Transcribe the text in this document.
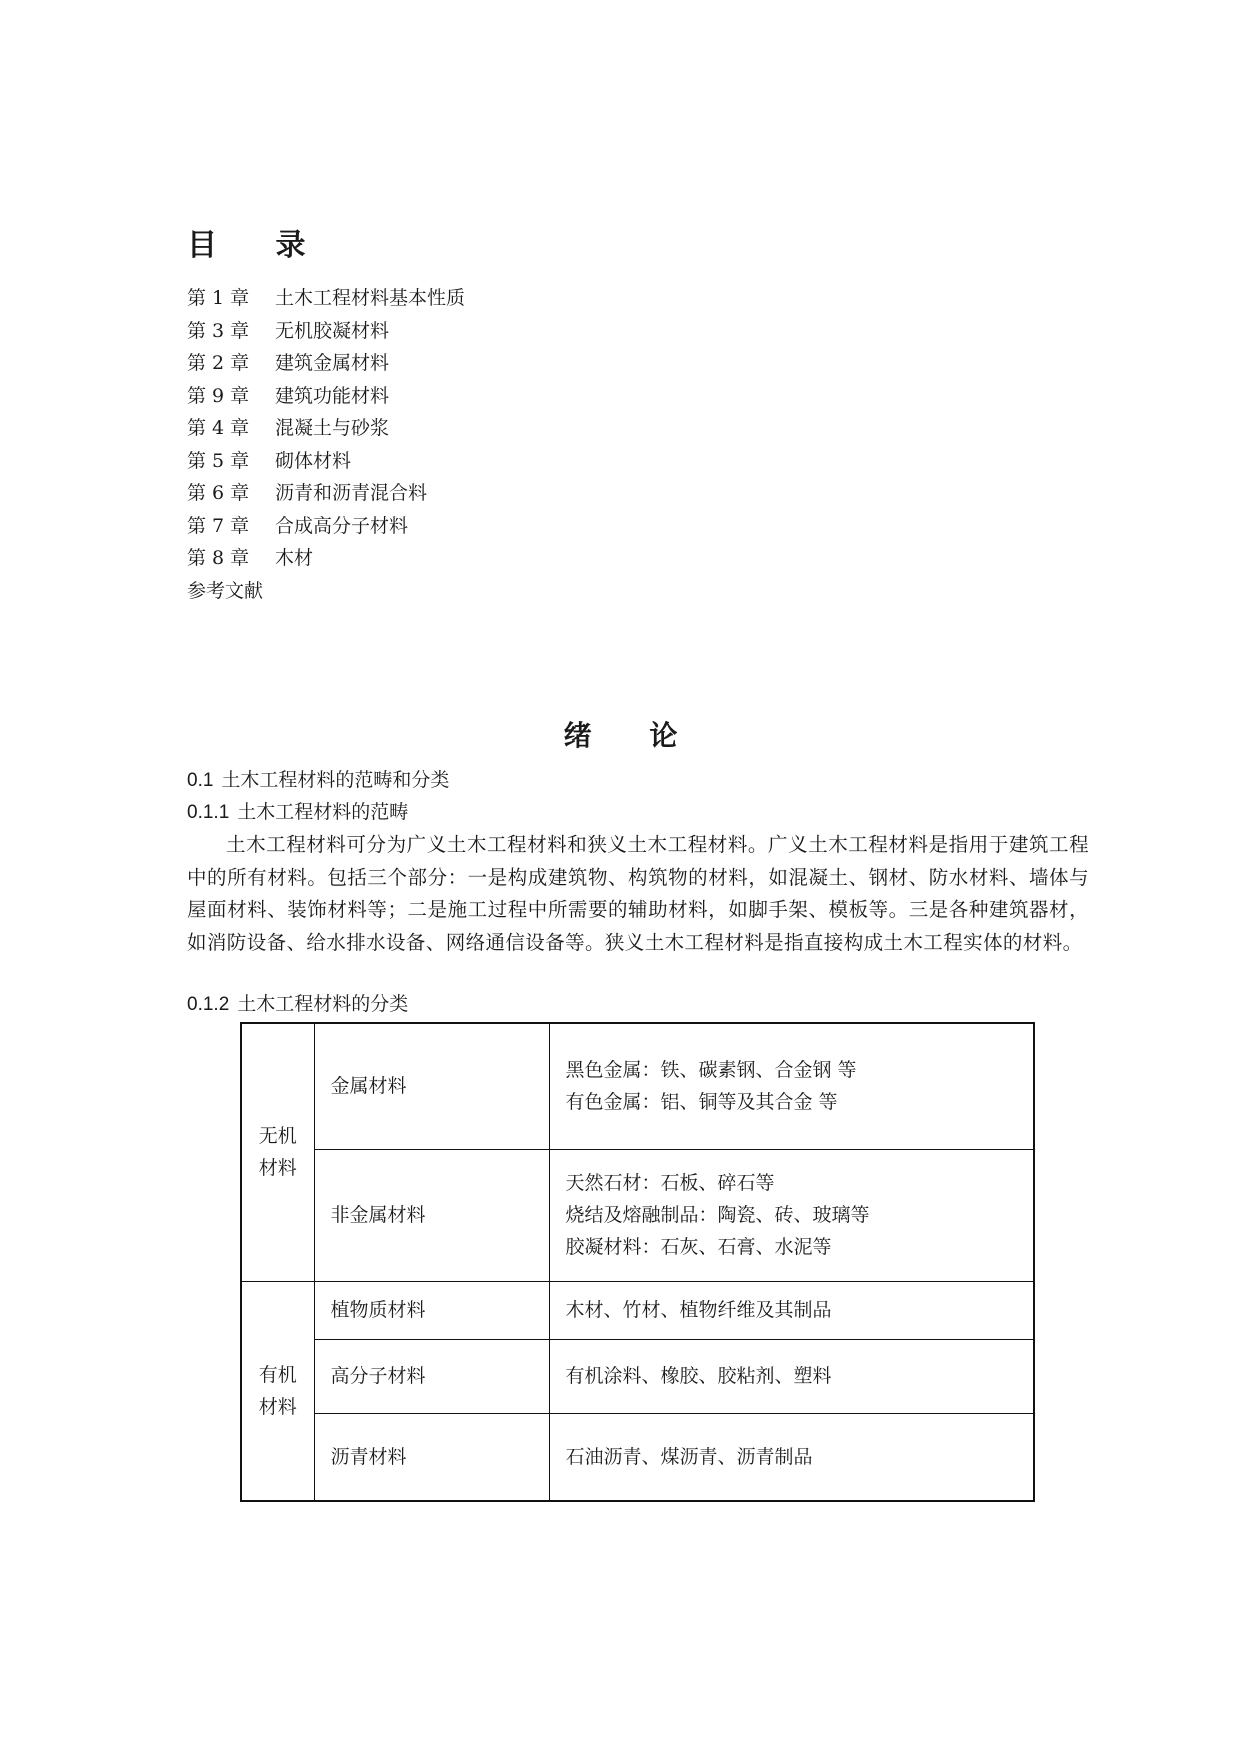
目 录
第 1 章 土木工程材料基本性质
第 3 章 无机胶凝材料
第 2 章 建筑金属材料
第 9 章 建筑功能材料
第 4 章 混凝土与砂浆
第 5 章 砌体材料
第 6 章 沥青和沥青混合料
第 7 章 合成高分子材料
第 8 章 木材
参考文献
绪 论

0.1 土木工程材料的范畴和分类

0.1.1 土木工程材料的范畴

土木工程材料可分为广义土木工程材料和狭义土木工程材料。广义土木工程材料是指用于建筑工程中的所有材料。包括三个部分：一是构成建筑物、构筑物的材料，如混凝土、钢材、防水材料、墙体与屋面材料、装饰材料等；二是施工过程中所需要的辅助材料，如脚手架、模板等。三是各种建筑器材，如消防设备、给水排水设备、网络通信设备等。狭义土木工程材料是指直接构成土木工程实体的材料。

0.1.2 土木工程材料的分类

无机材料	金属材料	黑色金属：铁、碳素钢、合金钢 等
有色金属：铝、铜等及其合金 等

	非金属材料	天然石材：石板、碎石等
烧结及熔融制品：陶瓷、砖、玻璃等
胶凝材料：石灰、石膏、水泥等

有机材料	植物质材料	木材、竹材、植物纤维及其制品

	高分子材料	有机涂料、橡胶、胶粘剂、塑料

	沥青材料	石油沥青、煤沥青、沥青制品
